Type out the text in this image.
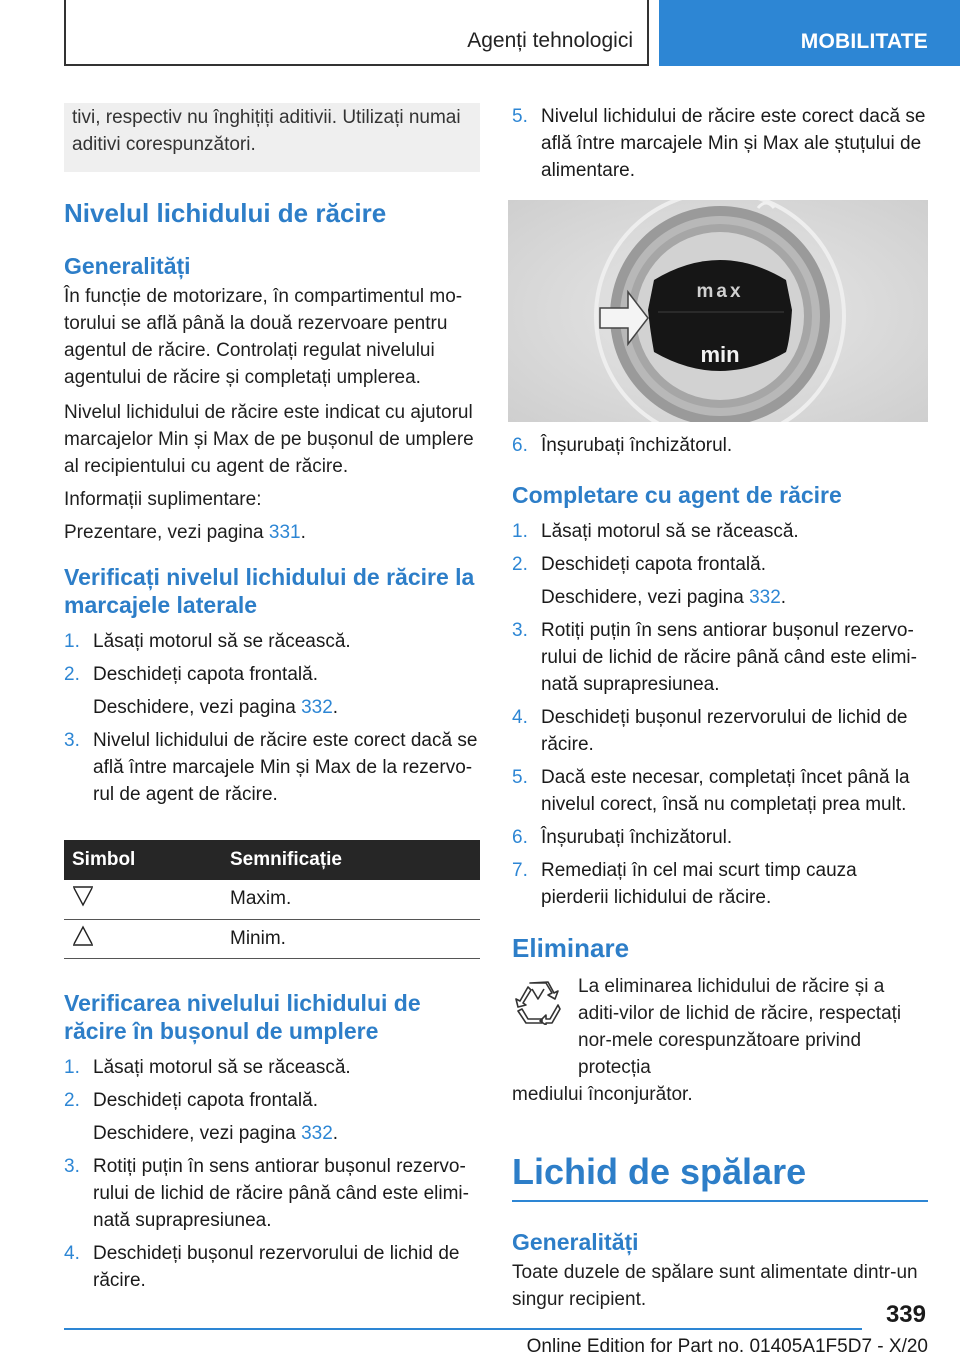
Agenți tehnologici	MOBILITATE
tivi, respectiv nu înghițiți aditivii. Utilizați numai aditivi corespunzători.
Nivelul lichidului de răcire
Generalități

În funcție de motorizare, în compartimentul mo-torului se află până la două rezervoare pentru agentul de răcire. Controlați regulat nivelului agentului de răcire și completați umplerea.

Nivelul lichidului de răcire este indicat cu ajutorul marcajelor Min și Max de pe bușonul de umplere al recipientului cu agent de răcire.

Informații suplimentare:

Prezentare, vezi pagina 331.

Verificați nivelul lichidului de răcire la marcajele laterale
1. Lăsați motorul să se răcească.
2. Deschideți capota frontală.
Deschidere, vezi pagina 332.
3. Nivelul lichidului de răcire este corect dacă se află între marcajele Min și Max de la rezervo-rul de agent de răcire.
Simbol	Semnificație
	Maxim.
	Minim.
Verificarea nivelului lichidului de răcire în bușonul de umplere
1. Lăsați motorul să se răcească.
2. Deschideți capota frontală.
Deschidere, vezi pagina 332.
3. Rotiți puțin în sens antiorar bușonul rezervo-rului de lichid de răcire până când este elimi-nată suprapresiunea.
4. Deschideți bușonul rezervorului de lichid de răcire.
5. Nivelul lichidului de răcire este corect dacă se află între marcajele Min și Max ale ștuțului de alimentare.
max
min
6. Înșurubați închizătorul.
Completare cu agent de răcire
1. Lăsați motorul să se răcească.
2. Deschideți capota frontală.
Deschidere, vezi pagina 332.
3. Rotiți puțin în sens antiorar bușonul rezervo-rului de lichid de răcire până când este elimi-nată suprapresiunea.
4. Deschideți bușonul rezervorului de lichid de răcire.
5. Dacă este necesar, completați încet până la nivelul corect, însă nu completați prea mult.
6. Înșurubați închizătorul.
7. Remediați în cel mai scurt timp cauza pierderii lichidului de răcire.
Eliminare

La eliminarea lichidului de răcire și a aditi-vilor de lichid de răcire, respectați nor-mele corespunzătoare privind protecția

mediului înconjurător.

Lichid de spălare
Generalități

Toate duzele de spălare sunt alimentate dintr-un singur recipient.

339
Online Edition for Part no. 01405A1F5D7 - X/20
